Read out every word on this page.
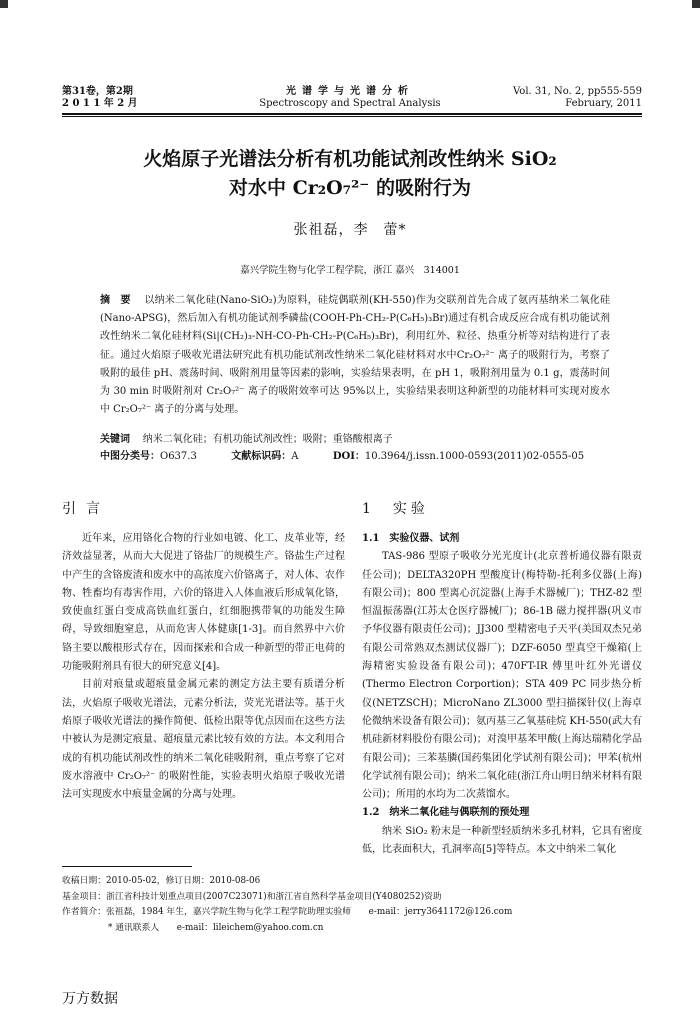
第31卷，第2期
2 0 1 1 年 2 月
光谱学与光谱分析
Spectroscopy and Spectral Analysis
Vol. 31, No. 2, pp555-559
February, 2011
火焰原子光谱法分析有机功能试剂改性纳米 SiO₂
对水中 Cr₂O₇²⁻ 的吸附行为
张祖磊，李　蕾*
嘉兴学院生物与化学工程学院，浙江 嘉兴　314001
摘　要 以纳米二氧化硅(Nano-SiO₂)为原料，硅烷偶联剂(KH-550)作为交联剂首先合成了氨丙基纳米二氧化硅(Nano-APSG)，然后加入有机功能试剂季磷盐(COOH-Ph-CH₂-P(C₆H₅)₃Br)通过有机合成反应合成有机功能试剂改性纳米二氧化硅材料(Si|(CH₂)₃-NH-CO-Ph-CH₂-P(C₆H₅)₃Br)，利用红外、粒径、热重分析等对结构进行了表征。通过火焰原子吸收光谱法研究此有机功能试剂改性纳米二氧化硅材料对水中Cr₂O₇²⁻ 离子的吸附行为，考察了吸附的最佳 pH、震荡时间、吸附剂用量等因素的影响，实验结果表明，在 pH 1，吸附剂用量为 0.1 g，震荡时间为 30 min 时吸附剂对 Cr₂O₇²⁻ 离子的吸附效率可达 95%以上，实验结果表明这种新型的功能材料可实现对废水中 Cr₂O₇²⁻ 离子的分离与处理。
关键词 纳米二氧化硅；有机功能试剂改性；吸附；重铬酸根离子
中图分类号：O637.3	文献标识码：A	DOI：10.3964/j.issn.1000-0593(2011)02-0555-05
引言

近年来，应用铬化合物的行业如电镀、化工、皮革业等，经济效益显著，从而大大促进了铬盐厂的规模生产。铬盐生产过程中产生的含铬废渣和废水中的高浓度六价铬离子，对人体、农作物、牲畜均有毒害作用，六价的铬进入人体血液后形成氧化铬，致使血红蛋白变成高铁血红蛋白，红细胞携带氧的功能发生障碍，导致细胞窒息，从而危害人体健康[1-3]。而自然界中六价铬主要以酸根形式存在，因而探索和合成一种新型的带正电荷的功能吸附剂具有很大的研究意义[4]。

目前对痕量或超痕量金属元素的测定方法主要有质谱分析法，火焰原子吸收光谱法，元素分析法，荧光光谱法等。基于火焰原子吸收光谱法的操作简便、低检出限等优点因而在这些方法中被认为是测定痕量、超痕量元素比较有效的方法。本文利用合成的有机功能试剂改性的纳米二氧化硅吸附剂，重点考察了它对废水溶液中 Cr₂O₇²⁻ 的吸附性能，实验表明火焰原子吸收光谱法可实现废水中痕量金属的分离与处理。

1　实验
1.1　实验仪器、试剂

TAS-986 型原子吸收分光光度计(北京普析通仪器有限责任公司)；DELTA320PH 型酸度计(梅特勒-托利多仪器(上海)有限公司)；800 型离心沉淀器(上海手术器械厂)；THZ-82 型恒温振荡器(江苏太仓医疗器械厂)；86-1B 磁力搅拌器(巩义市予华仪器有限责任公司)；JJ300 型精密电子天平(美国双杰兄弟有限公司常熟双杰测试仪器厂)；DZF-6050 型真空干燥箱(上海精密实验设备有限公司)；470FT-IR 傅里叶红外光谱仪(Thermo Electron Corportion)；STA 409 PC 同步热分析仪(NETZSCH)；MicroNano ZL3000 型扫描探针仪(上海卓伦微纳米设备有限公司)；氨丙基三乙氧基硅烷 KH-550(武大有机硅新材料股份有限公司)；对溴甲基苯甲酸(上海达瑞精化学品有限公司)；三苯基膦(国药集团化学试剂有限公司)；甲苯(杭州化学试剂有限公司)；纳米二氧化硅(浙江舟山明日纳米材料有限公司)；所用的水均为二次蒸馏水。

1.2　纳米二氧化硅与偶联剂的预处理

纳米 SiO₂ 粉末是一种新型轻质纳米多孔材料，它具有密度低，比表面积大，孔洞率高[5]等特点。本文中纳米二氧化

收稿日期：2010-05-02，修订日期：2010-08-06
基金项目：浙江省科技计划重点项目(2007C23071)和浙江省自然科学基金项目(Y4080252)资助
作者简介：张祖磊，1984 年生，嘉兴学院生物与化学工程学院助理实验师　　e-mail：jerry3641172@126.com
* 通讯联系人　　e-mail：lileichem@yahoo.com.cn
万方数据
